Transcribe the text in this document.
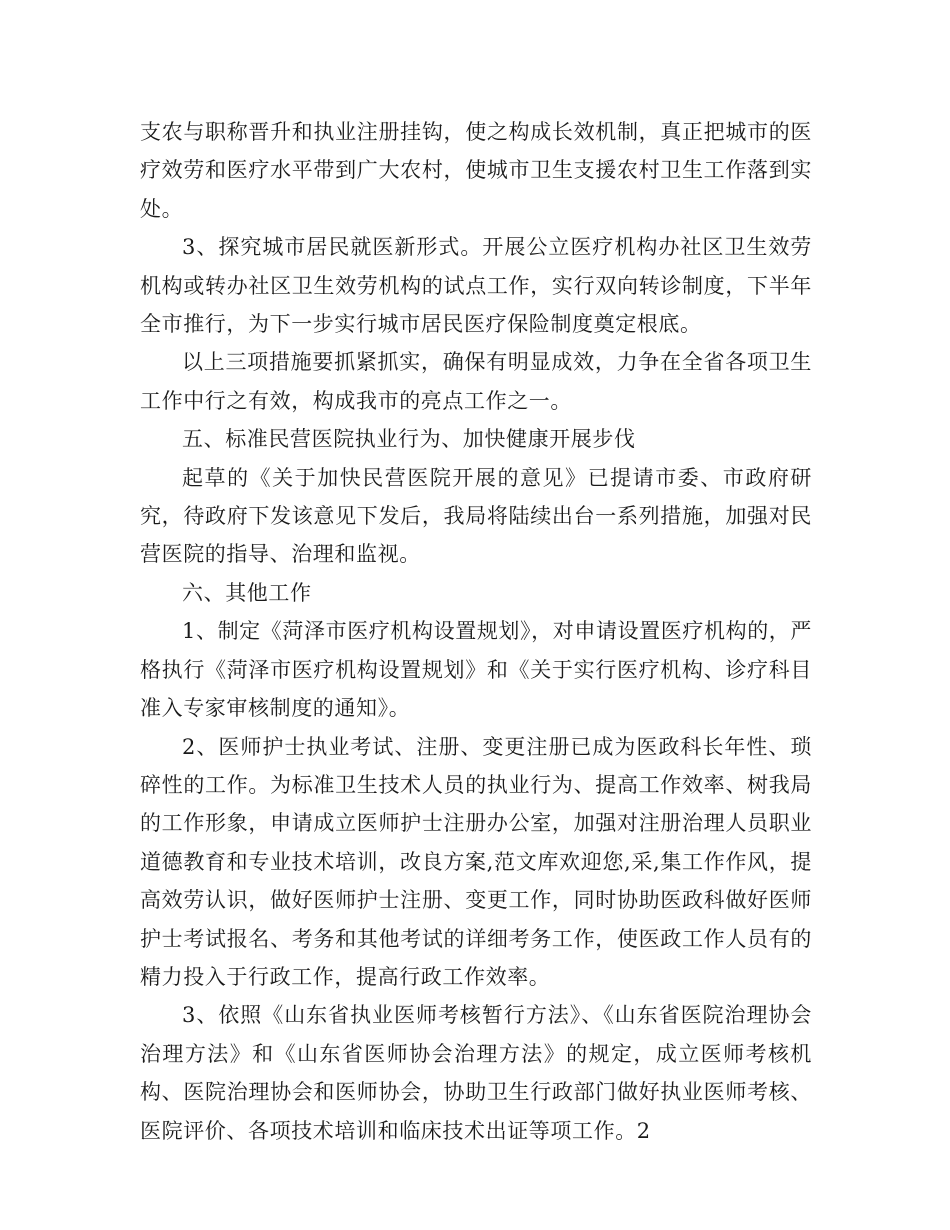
支农与职称晋升和执业注册挂钩，使之构成长效机制，真正把城市的医疗效劳和医疗水平带到广大农村，使城市卫生支援农村卫生工作落到实处。

3、探究城市居民就医新形式。开展公立医疗机构办社区卫生效劳机构或转办社区卫生效劳机构的试点工作，实行双向转诊制度，下半年全市推行，为下一步实行城市居民医疗保险制度奠定根底。

以上三项措施要抓紧抓实，确保有明显成效，力争在全省各项卫生工作中行之有效，构成我市的亮点工作之一。

五、标准民营医院执业行为、加快健康开展步伐

起草的《关于加快民营医院开展的意见》已提请市委、市政府研究，待政府下发该意见下发后，我局将陆续出台一系列措施，加强对民营医院的指导、治理和监视。

六、其他工作

1、制定《菏泽市医疗机构设置规划》，对申请设置医疗机构的，严格执行《菏泽市医疗机构设置规划》和《关于实行医疗机构、诊疗科目准入专家审核制度的通知》。

2、医师护士执业考试、注册、变更注册已成为医政科长年性、琐碎性的工作。为标准卫生技术人员的执业行为、提高工作效率、树我局的工作形象，申请成立医师护士注册办公室，加强对注册治理人员职业道德教育和专业技术培训，改良方案,范文库欢迎您,采,集工作作风，提高效劳认识，做好医师护士注册、变更工作，同时协助医政科做好医师护士考试报名、考务和其他考试的详细考务工作，使医政工作人员有的精力投入于行政工作，提高行政工作效率。

3、依照《山东省执业医师考核暂行方法》、《山东省医院治理协会治理方法》和《山东省医师协会治理方法》的规定，成立医师考核机构、医院治理协会和医师协会，协助卫生行政部门做好执业医师考核、医院评价、各项技术培训和临床技术出证等项工作。2
